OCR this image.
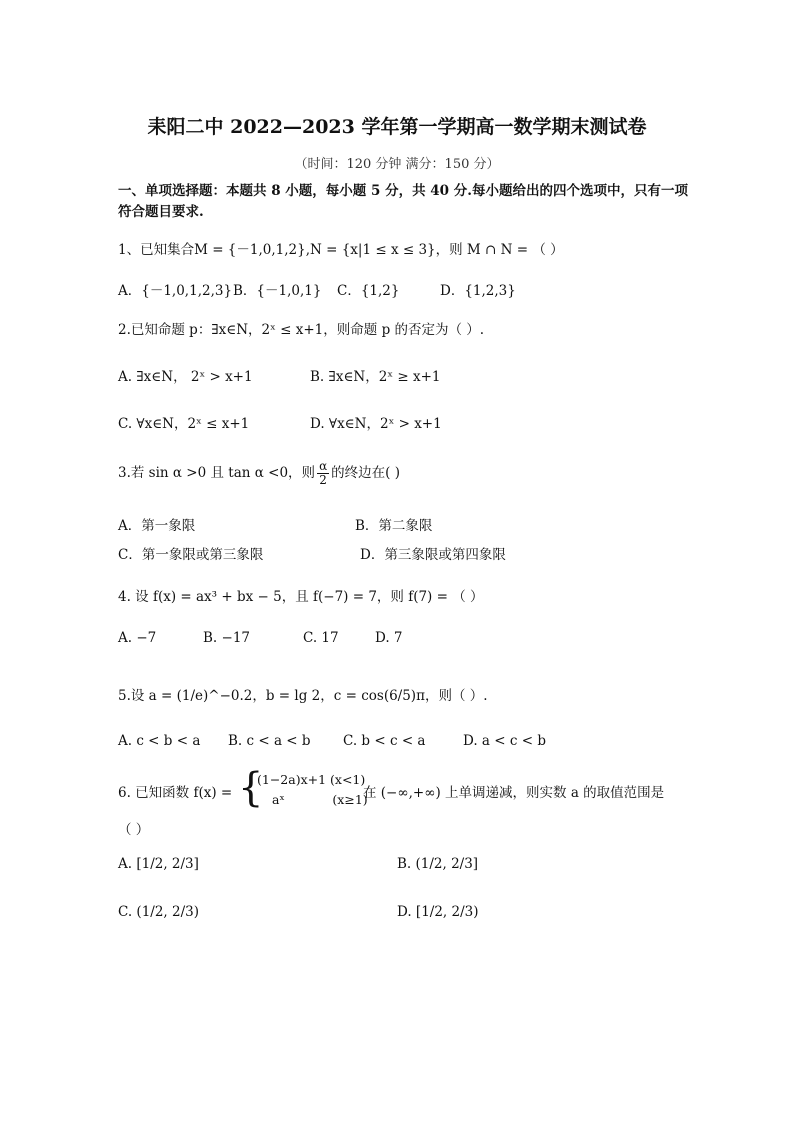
耒阳二中 2022—2023 学年第一学期高一数学期末测试卷
（时间：120 分钟 满分：150 分）
一、单项选择题：本题共 8 小题，每小题 5 分，共 40 分.每小题给出的四个选项中，只有一项符合题目要求.
1、已知集合M = {－1,0,1,2},N = {x|1 ≤ x ≤ 3}，则 M ∩ N = （ ）
A．{－1,0,1,2,3} B．{－1,0,1} C．{1,2}	D．{1,2,3}
2.已知命题 p：∃x∈N，2ˣ ≤ x+1，则命题 p 的否定为（ ）.
A. ∃x∈N， 2ˣ > x+1	B. ∃x∈N，2ˣ ≥ x+1
C. ∀x∈N，2ˣ ≤ x+1	D. ∀x∈N，2ˣ > x+1
3.若 sin α >0 且 tan α <0，则 $\frac{\alpha}{2}$ 的终边在( )
A．第一象限	B．第二象限
C．第一象限或第三象限	D．第三象限或第四象限
4. 设 f(x) = ax³ + bx − 5，且 f(−7) = 7，则 f(7) = （ ）
A. −7	B. −17	C. 17	D. 7
5.设 a = (1/e)^−0.2，b = lg 2，c = cos(6/5)π，则（ ）.
A. c < b < a B. c < a < b C. b < c < a	D. a < c < b
6. 已知函数 f(x) = {
(1−2a)x+1 (x<1)
aˣ            (x≥1)
在 (−∞,+∞) 上单调递减，则实数 a 的取值范围是
（ ）
A. [1/2, 2/3]	B. (1/2, 2/3]
C. (1/2, 2/3)	D. [1/2, 2/3)
